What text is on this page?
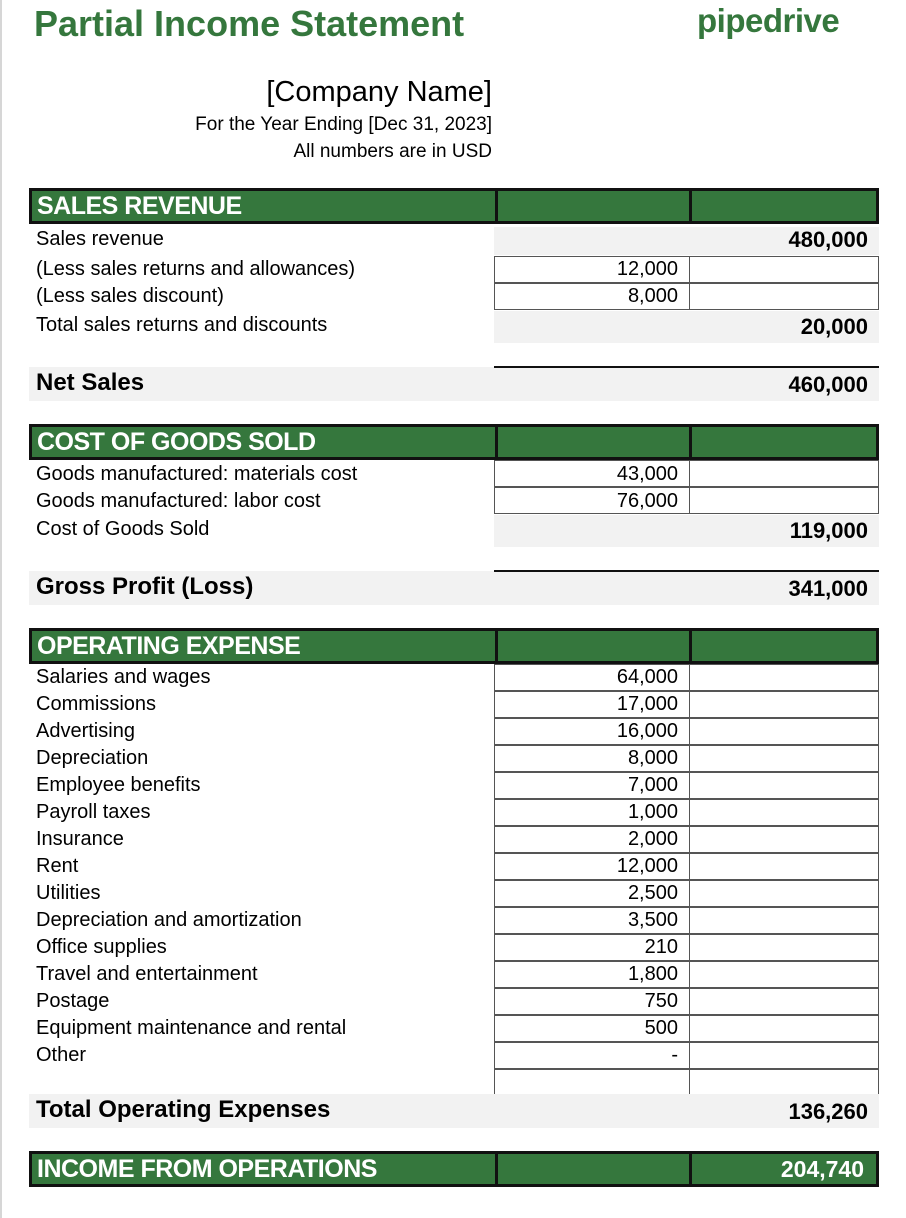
Partial Income Statement	pipedrive
[Company Name]
For the Year Ending [Dec 31, 2023]
All numbers are in USD
SALES REVENUE
Sales revenue	480,000
(Less sales returns and allowances)	12,000
(Less sales discount)	8,000
Total sales returns and discounts	20,000
Net Sales	460,000
COST OF GOODS SOLD
Goods manufactured: materials cost	43,000
Goods manufactured: labor cost	76,000
Cost of Goods Sold	119,000
Gross Profit (Loss)	341,000
OPERATING EXPENSE
Salaries and wages	64,000
Commissions	17,000
Advertising	16,000
Depreciation	8,000
Employee benefits	7,000
Payroll taxes	1,000
Insurance	2,000
Rent	12,000
Utilities	2,500
Depreciation and amortization	3,500
Office supplies	210
Travel and entertainment	1,800
Postage	750
Equipment maintenance and rental	500
Other	-
Total Operating Expenses	136,260
INCOME FROM OPERATIONS	204,740
